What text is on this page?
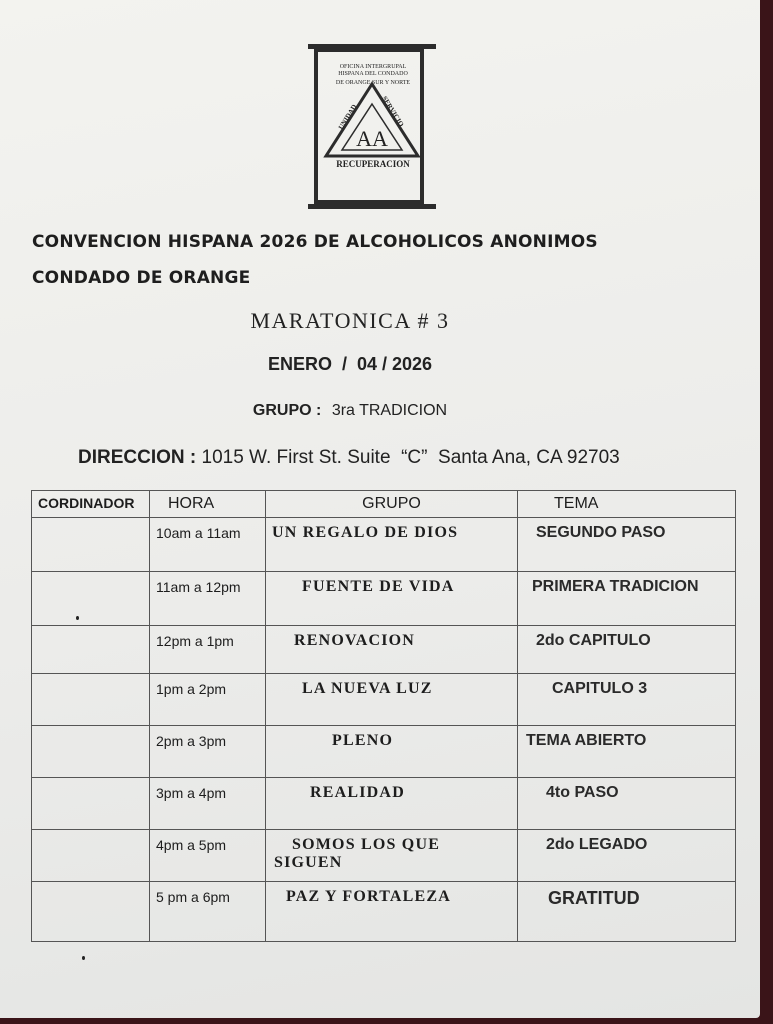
OFICINA INTERGRUPAL
HISPANA DEL CONDADO
DE ORANGE SUR Y NORTE
AA
UNIDAD	SERVICIO
RECUPERACION
CONVENCION HISPANA 2026 DE ALCOHOLICOS ANONIMOS
CONDADO DE ORANGE
MARATONICA # 3
ENERO  /  04 / 2026
GRUPO : 3ra TRADICION
DIRECCION : 1015 W. First St. Suite  “C”  Santa Ana, CA 92703
CORDINADOR	HORA	GRUPO	TEMA
	10am a 11am	UN REGALO DE DIOS	SEGUNDO PASO
	11am a 12pm	FUENTE DE VIDA	PRIMERA TRADICION
	12pm a 1pm	RENOVACION	2do CAPITULO
	1pm a 2pm	LA NUEVA LUZ	CAPITULO 3
	2pm a 3pm	PLENO	TEMA ABIERTO
	3pm a 4pm	REALIDAD	4to PASO
	4pm a 5pm	SOMOS LOS QUE SIGUEN	2do LEGADO
	5 pm a 6pm	PAZ Y FORTALEZA	GRATITUD
